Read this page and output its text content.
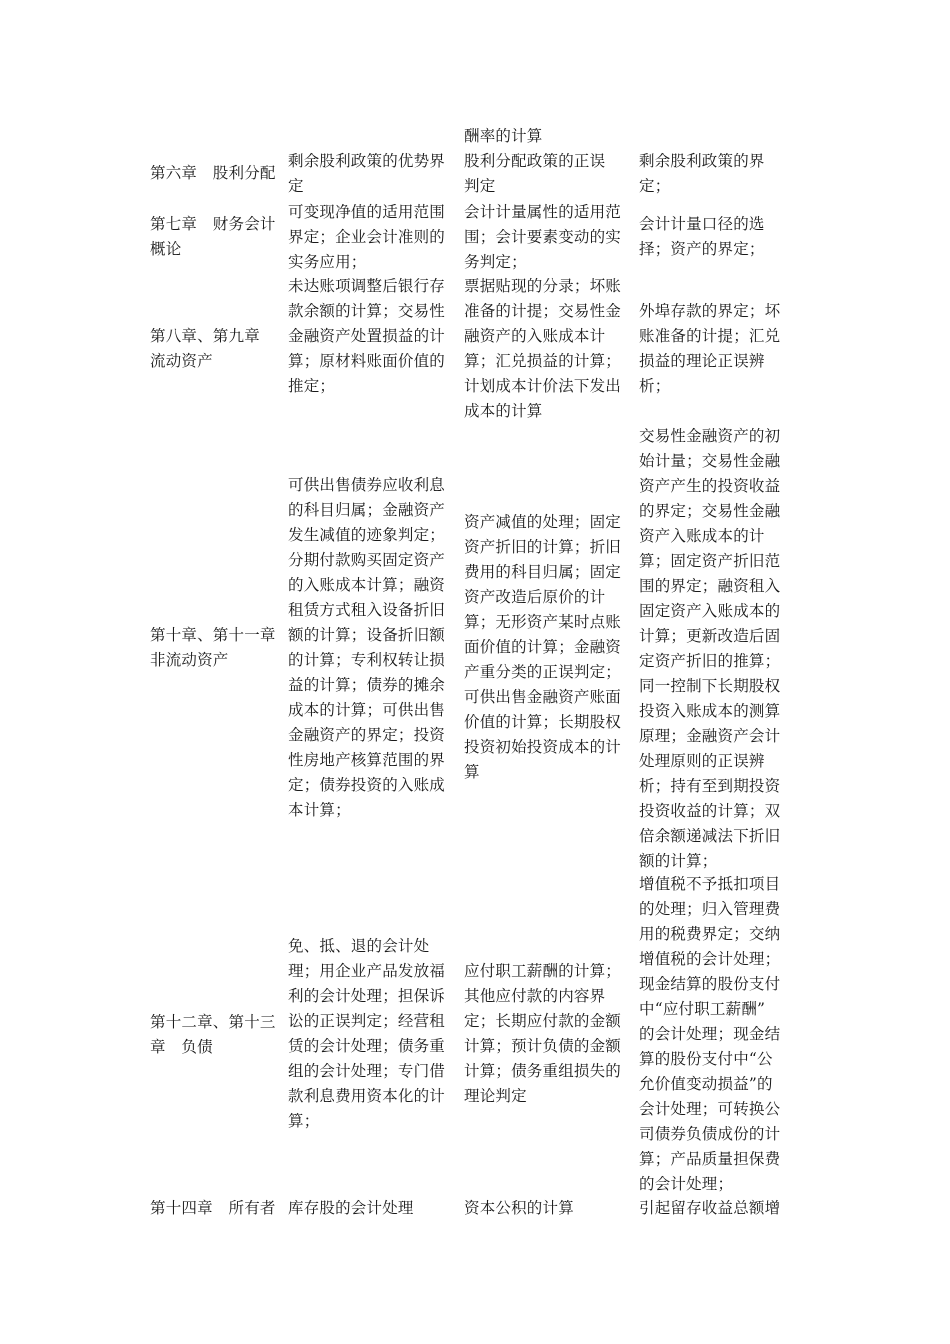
酬率的计算
第六章　股利分配
剩余股利政策的优势界
定
股利分配政策的正误
判定
剩余股利政策的界
定；
第七章　财务会计
概论
可变现净值的适用范围
界定；企业会计准则的
实务应用；
会计计量属性的适用范
围；会计要素变动的实
务判定；
会计计量口径的选
择；资产的界定；
第八章、第九章
流动资产
未达账项调整后银行存
款余额的计算；交易性
金融资产处置损益的计
算；原材料账面价值的
推定；
票据贴现的分录；坏账
准备的计提；交易性金
融资产的入账成本计
算；汇兑损益的计算；
计划成本计价法下发出
成本的计算
外埠存款的界定；坏
账准备的计提；汇兑
损益的理论正误辨
析；
第十章、第十一章
非流动资产
可供出售债券应收利息
的科目归属；金融资产
发生减值的迹象判定；
分期付款购买固定资产
的入账成本计算；融资
租赁方式租入设备折旧
额的计算；设备折旧额
的计算；专利权转让损
益的计算；债券的摊余
成本的计算；可供出售
金融资产的界定；投资
性房地产核算范围的界
定；债券投资的入账成
本计算；
资产减值的处理；固定
资产折旧的计算；折旧
费用的科目归属；固定
资产改造后原价的计
算；无形资产某时点账
面价值的计算；金融资
产重分类的正误判定；
可供出售金融资产账面
价值的计算；长期股权
投资初始投资成本的计
算
交易性金融资产的初
始计量；交易性金融
资产产生的投资收益
的界定；交易性金融
资产入账成本的计
算；固定资产折旧范
围的界定；融资租入
固定资产入账成本的
计算；更新改造后固
定资产折旧的推算；
同一控制下长期股权
投资入账成本的测算
原理；金融资产会计
处理原则的正误辨
析；持有至到期投资
投资收益的计算；双
倍余额递减法下折旧
额的计算；
第十二章、第十三
章　负债
免、抵、退的会计处
理；用企业产品发放福
利的会计处理；担保诉
讼的正误判定；经营租
赁的会计处理；债务重
组的会计处理；专门借
款利息费用资本化的计
算；
应付职工薪酬的计算；
其他应付款的内容界
定；长期应付款的金额
计算；预计负债的金额
计算；债务重组损失的
理论判定
增值税不予抵扣项目
的处理；归入管理费
用的税费界定；交纳
增值税的会计处理；
现金结算的股份支付
中“应付职工薪酬”
的会计处理；现金结
算的股份支付中“公
允价值变动损益”的
会计处理；可转换公
司债券负债成份的计
算；产品质量担保费
的会计处理；
第十四章　所有者 库存股的会计处理	资本公积的计算	引起留存收益总额增
